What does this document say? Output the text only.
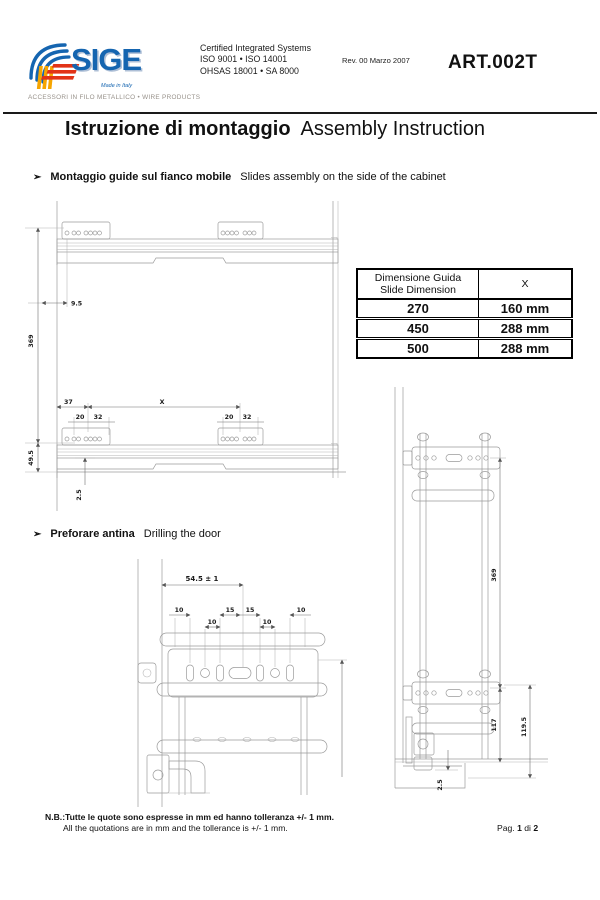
SIGE
Made in Italy
ACCESSORI IN FILO METALLICO • WIRE PRODUCTS
Certified Integrated Systems
ISO 9001 • ISO 14001
OHSAS 18001 • SA 8000
Rev. 00 Marzo 2007 ART.002T
Istruzione di montaggio Assembly Instruction
➢ Montaggio guide sul fianco mobile Slides assembly on the side of the cabinet
9.5
369
49.5
37	X
20 32	20 32
2.5
Dimensione Guida
Slide Dimension	X
270	160 mm
450	288 mm
500	288 mm
➢ Preforare antina Drilling the door
54.5 ± 1
10	15 15	10
10	10
369
117	119.5
2.5
N.B.:Tutte le quote sono espresse in mm ed hanno tolleranza +/- 1 mm.
All the quotations are in mm and the tollerance is +/- 1 mm.	Pag. 1 di 2
